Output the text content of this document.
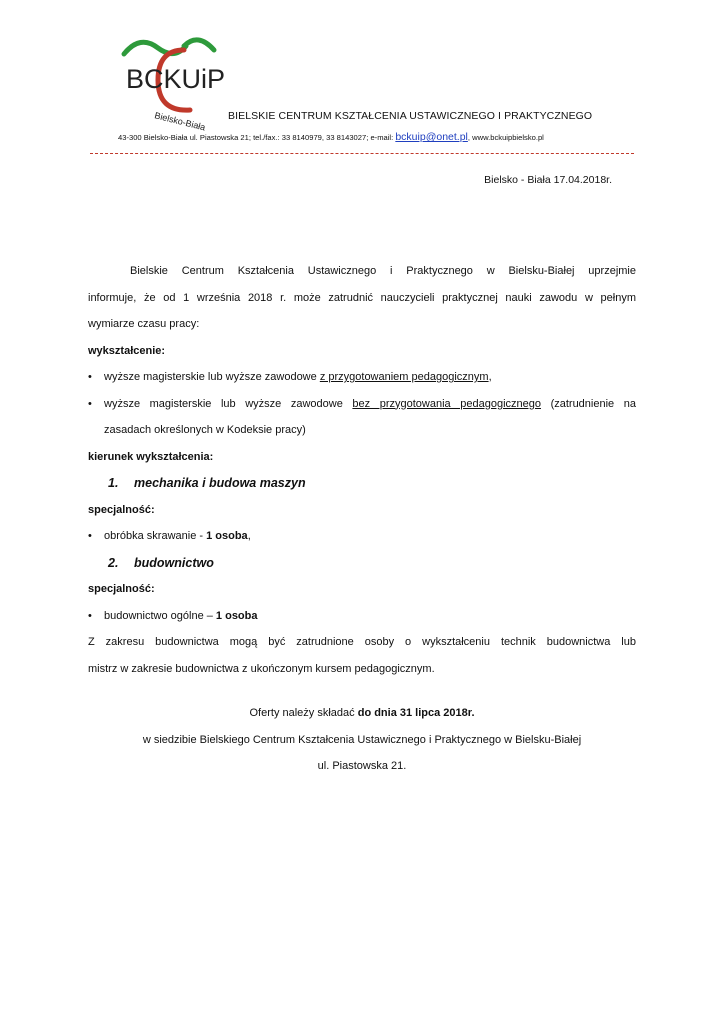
BCKUiP
Bielsko-Biała BIELSKIE CENTRUM KSZTAŁCENIA USTAWICZNEGO I PRAKTYCZNEGO
43-300 Bielsko-Biała ul. Piastowska 21; tel./fax.: 33 8140979, 33 8143027; e-mail: bckuip@onet.pl, www.bckuipbielsko.pl
Bielsko - Biała 17.04.2018r.
Bielskie Centrum Kształcenia Ustawicznego i Praktycznego w Bielsku-Białej uprzejmie
informuje, że od 1 września 2018 r. może zatrudnić nauczycieli praktycznej nauki zawodu w pełnym
wymiarze czasu pracy:
wykształcenie:
• wyższe magisterskie lub wyższe zawodowe z przygotowaniem pedagogicznym,
• wyższe magisterskie lub wyższe zawodowe bez przygotowania pedagogicznego (zatrudnienie na
zasadach określonych w Kodeksie pracy)
kierunek wykształcenia:
1. mechanika i budowa maszyn
specjalność:
• obróbka skrawanie - 1 osoba,
2. budownictwo
specjalność:
• budownictwo ogólne – 1 osoba
Z zakresu budownictwa mogą być zatrudnione osoby o wykształceniu technik budownictwa lub
mistrz w zakresie budownictwa z ukończonym kursem pedagogicznym.
Oferty należy składać do dnia 31 lipca 2018r.
w siedzibie Bielskiego Centrum Kształcenia Ustawicznego i Praktycznego w Bielsku-Białej
ul. Piastowska 21.
